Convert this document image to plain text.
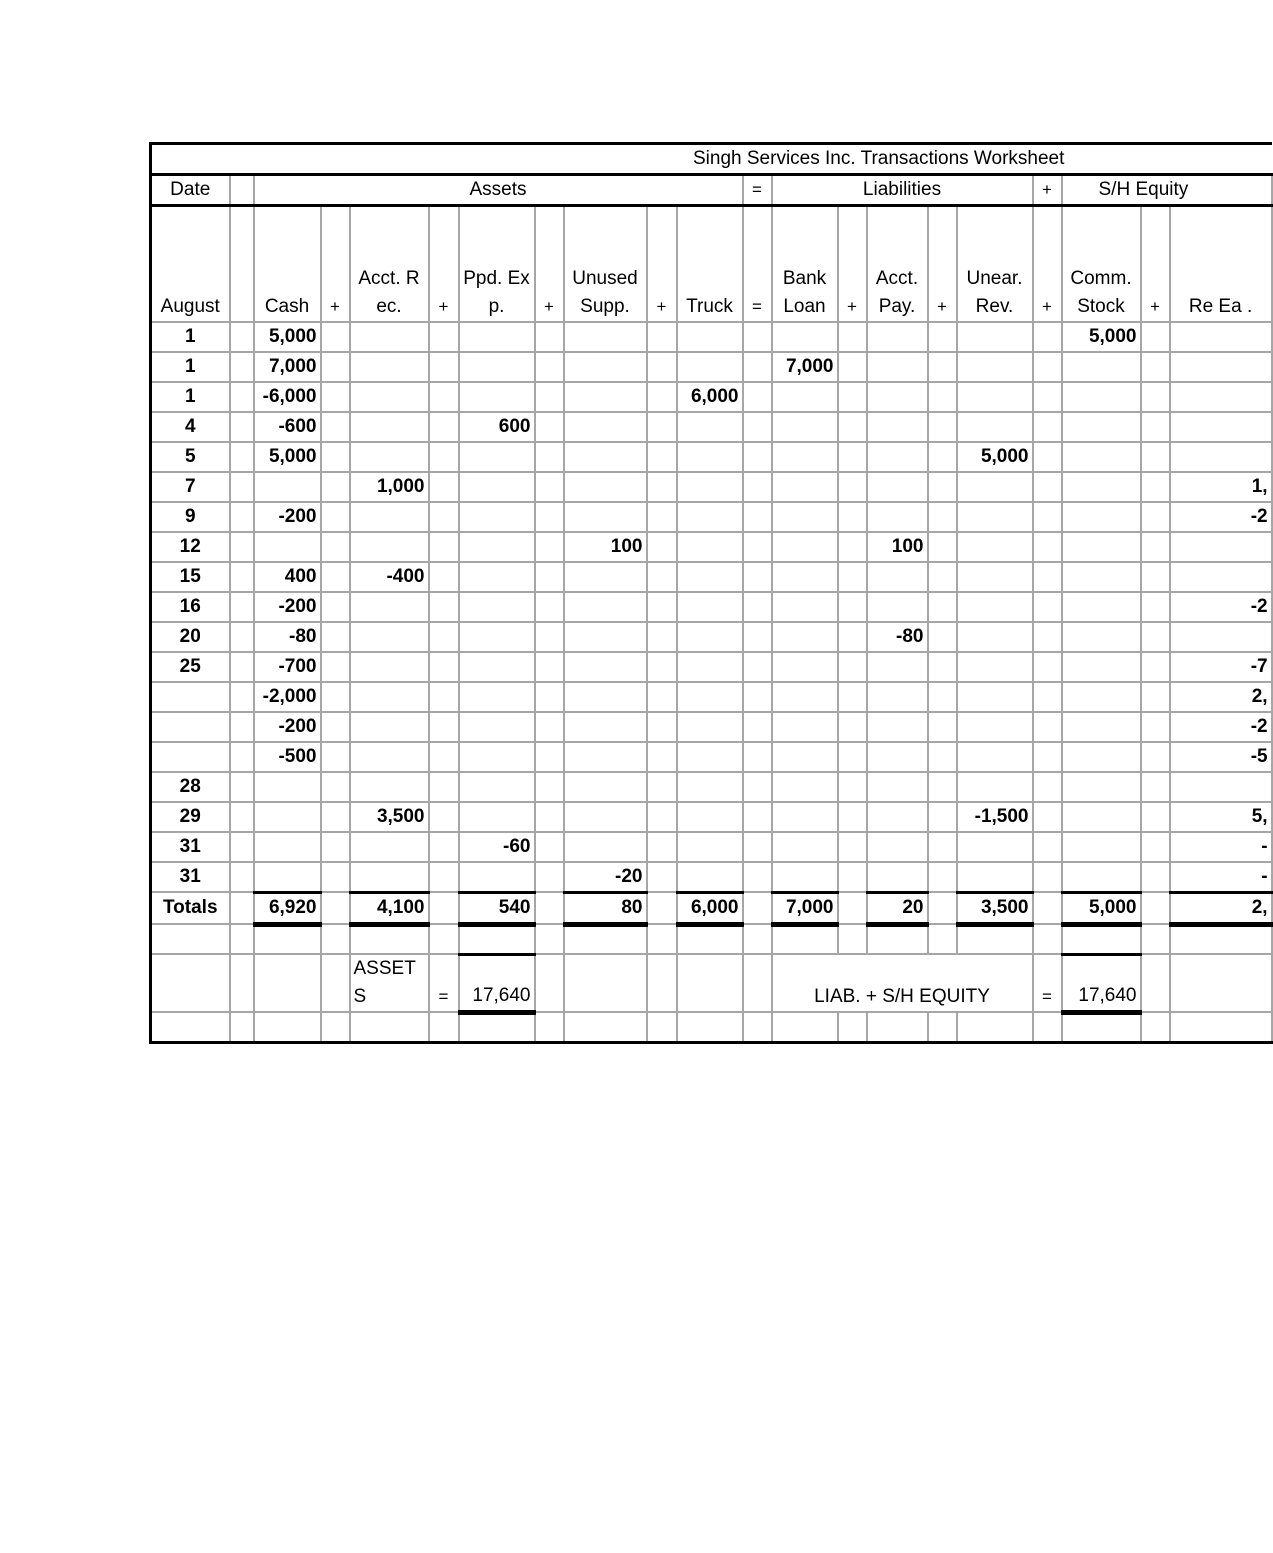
Singh Services Inc. Transactions Worksheet																				
Date		Assets									=	Liabilities					+	S/H Equity		
August		Cash	+	Acct. Rec.	+	Ppd. Exp.	+	Unused Supp.	+	Truck	=	Bank Loan	+	Acct. Pay.	+	Unear. Rev.	+	Comm. Stock	+	Re Ea .
1		5,000																5,000		
1		7,000										7,000								
1		-6,000								6,000										
4		-600				600														
5		5,000														5,000				
7				1,000																1,
9		-200																		-2
12								100						100						
15		400		-400																
16		-200																		-2
20		-80												-80						
25		-700																		-7
		-2,000																		2,
		-200																		-2
		-500																		-5
28																				
29				3,500												-1,500				5,
31						-60														-
31								-20												-
Totals		6,920		4,100		540		80		6,000		7,000		20		3,500		5,000		2,

				ASSETS	=	17,640						LIAB. + S/H EQUITY					=	17,640		
